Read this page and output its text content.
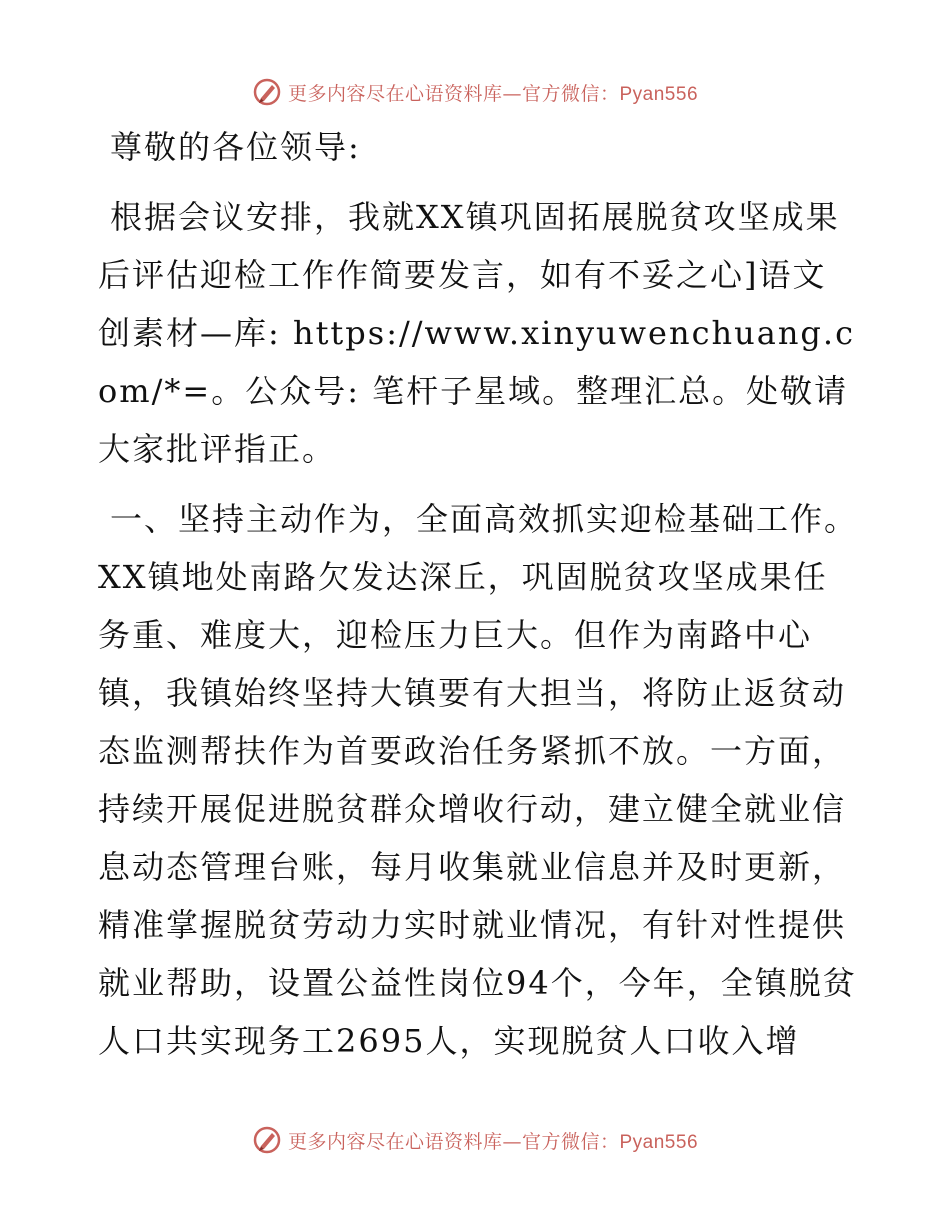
更多内容尽在心语资料库—官方微信：Pyan556

尊敬的各位领导:

根据会议安排，我就XX镇巩固拓展脱贫攻坚成果后评估迎检工作作简要发言，如有不妥之心]语文创素材—库: https://www.xinyuwenchuang.com/*=。公众号: 笔杆子星域。整理汇总。处敬请大家批评指正。

一、坚持主动作为，全面高效抓实迎检基础工作。XX镇地处南路欠发达深丘，巩固脱贫攻坚成果任务重、难度大，迎检压力巨大。但作为南路中心镇，我镇始终坚持大镇要有大担当，将防止返贫动态监测帮扶作为首要政治任务紧抓不放。一方面，持续开展促进脱贫群众增收行动，建立健全就业信息动态管理台账，每月收集就业信息并及时更新，精准掌握脱贫劳动力实时就业情况，有针对性提供就业帮助，设置公益性岗位94个，今年，全镇脱贫人口共实现务工2695人，实现脱贫人口收入增

更多内容尽在心语资料库—官方微信：Pyan556
